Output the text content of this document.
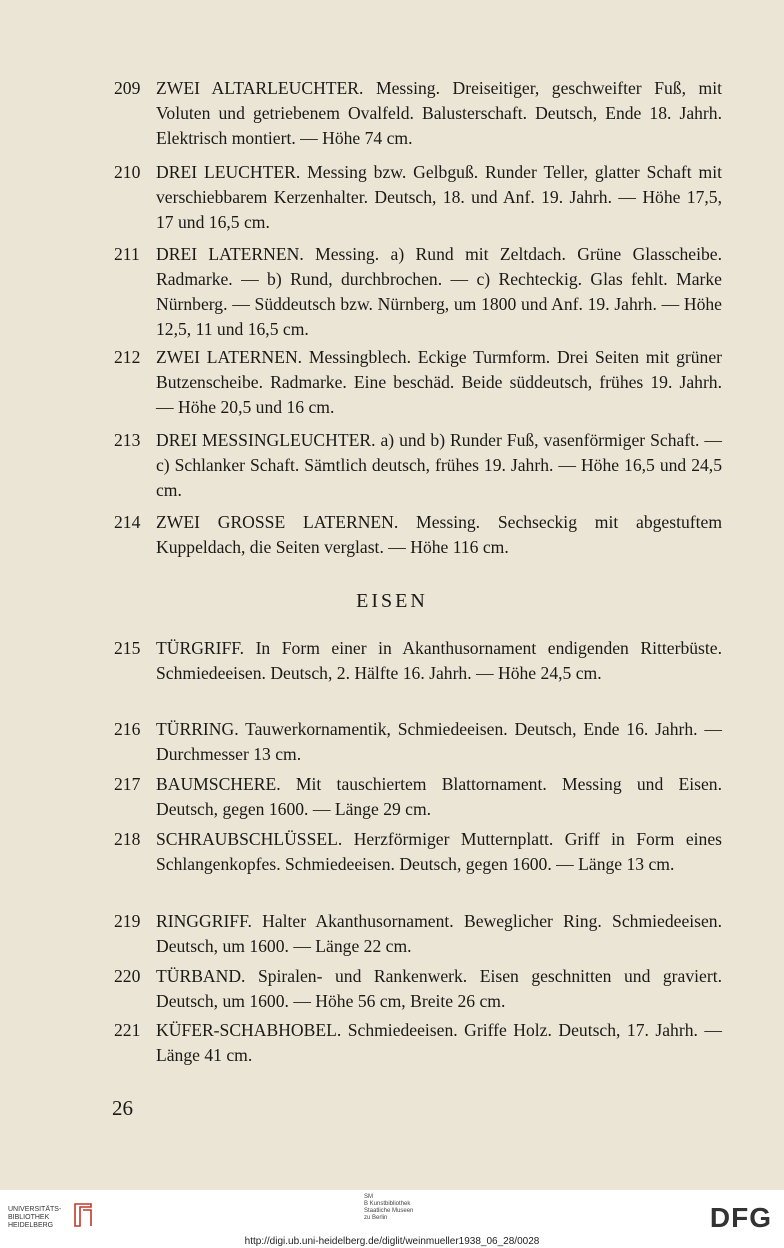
209 ZWEI ALTARLEUCHTER. Messing. Dreiseitiger, geschweifter Fuß, mit Voluten und getriebenem Ovalfeld. Balusterschaft. Deutsch, Ende 18. Jahrh. Elektrisch montiert. — Höhe 74 cm.
210 DREI LEUCHTER. Messing bzw. Gelbguß. Runder Teller, glatter Schaft mit verschiebbarem Kerzenhalter. Deutsch, 18. und Anf. 19. Jahrh. — Höhe 17,5, 17 und 16,5 cm.
211 DREI LATERNEN. Messing. a) Rund mit Zeltdach. Grüne Glasscheibe. Radmarke. — b) Rund, durchbrochen. — c) Rechteckig. Glas fehlt. Marke Nürnberg. — Süddeutsch bzw. Nürnberg, um 1800 und Anf. 19. Jahrh. — Höhe 12,5, 11 und 16,5 cm.
212 ZWEI LATERNEN. Messingblech. Eckige Turmform. Drei Seiten mit grüner Butzenscheibe. Radmarke. Eine beschäd. Beide süddeutsch, frühes 19. Jahrh. — Höhe 20,5 und 16 cm.
213 DREI MESSINGLEUCHTER. a) und b) Runder Fuß, vasenförmiger Schaft. — c) Schlanker Schaft. Sämtlich deutsch, frühes 19. Jahrh. — Höhe 16,5 und 24,5 cm.
214 ZWEI GROSSE LATERNEN. Messing. Sechseckig mit abgestuftem Kuppeldach, die Seiten verglast. — Höhe 116 cm.
EISEN
215 TÜRGRIFF. In Form einer in Akanthusornament endigenden Ritterbüste. Schmiedeeisen. Deutsch, 2. Hälfte 16. Jahrh. — Höhe 24,5 cm.
216 TÜRRING. Tauwerkornamentik, Schmiedeeisen. Deutsch, Ende 16. Jahrh. — Durchmesser 13 cm.
217 BAUMSCHERE. Mit tauschiertem Blattornament. Messing und Eisen. Deutsch, gegen 1600. — Länge 29 cm.
218 SCHRAUBSCHLÜSSEL. Herzförmiger Mutternplatt. Griff in Form eines Schlangenkopfes. Schmiedeeisen. Deutsch, gegen 1600. — Länge 13 cm.
219 RINGGRIFF. Halter Akanthusornament. Beweglicher Ring. Schmiedeeisen. Deutsch, um 1600. — Länge 22 cm.
220 TÜRBAND. Spiralen- und Rankenwerk. Eisen geschnitten und graviert. Deutsch, um 1600. — Höhe 56 cm, Breite 26 cm.
221 KÜFER-SCHABHOBEL. Schmiedeeisen. Griffe Holz. Deutsch, 17. Jahrh. — Länge 41 cm.
26
UNIVERSITÄTS-
BIBLIOTHEK
HEIDELBERG
SM
B Kunstbibliothek
Staatliche Museen
zu Berlin	DFG
http://digi.ub.uni-heidelberg.de/diglit/weinmueller1938_06_28/0028
